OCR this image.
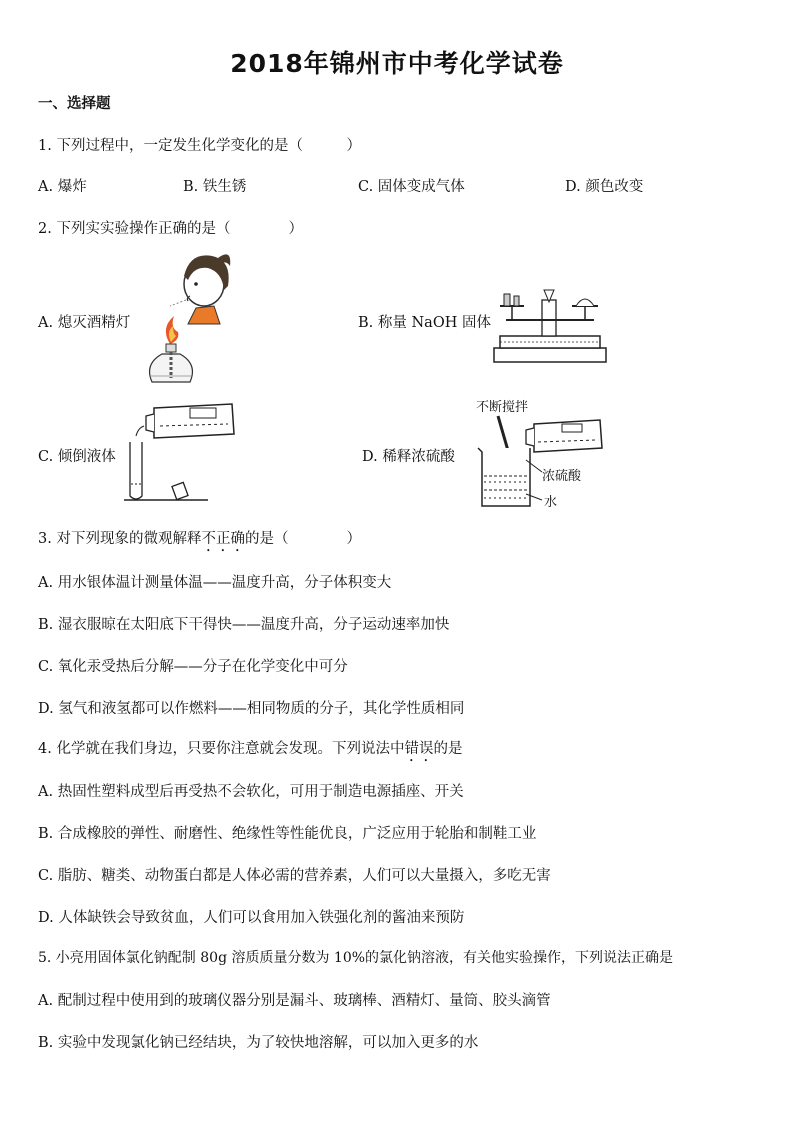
2018年锦州市中考化学试卷
一、选择题
1. 下列过程中，一定发生化学变化的是（　　　）
A. 爆炸	B. 铁生锈	C. 固体变成气体	D. 颜色改变
2. 下列实实验操作正确的是（　　　　）
A. 熄灭酒精灯	B. 称量 NaOH 固体
C. 倾倒液体	D. 稀释浓硫酸
不断搅拌
浓硫酸
水
3. 对下列现象的微观解释不正确的是（　　　　）
A. 用水银体温计测量体温——温度升高，分子体积变大
B. 湿衣服晾在太阳底下干得快——温度升高，分子运动速率加快
C. 氧化汞受热后分解——分子在化学变化中可分
D. 氢气和液氢都可以作燃料——相同物质的分子，其化学性质相同
4. 化学就在我们身边，只要你注意就会发现。下列说法中错误的是
A. 热固性塑料成型后再受热不会软化，可用于制造电源插座、开关
B. 合成橡胶的弹性、耐磨性、绝缘性等性能优良，广泛应用于轮胎和制鞋工业
C. 脂肪、糖类、动物蛋白都是人体必需的营养素，人们可以大量摄入，多吃无害
D. 人体缺铁会导致贫血，人们可以食用加入铁强化剂的酱油来预防
5. 小亮用固体氯化钠配制 80g 溶质质量分数为 10%的氯化钠溶液，有关他实验操作，下列说法正确是
A. 配制过程中使用到的玻璃仪器分别是漏斗、玻璃棒、酒精灯、量筒、胶头滴管
B. 实验中发现氯化钠已经结块，为了较快地溶解，可以加入更多的水
